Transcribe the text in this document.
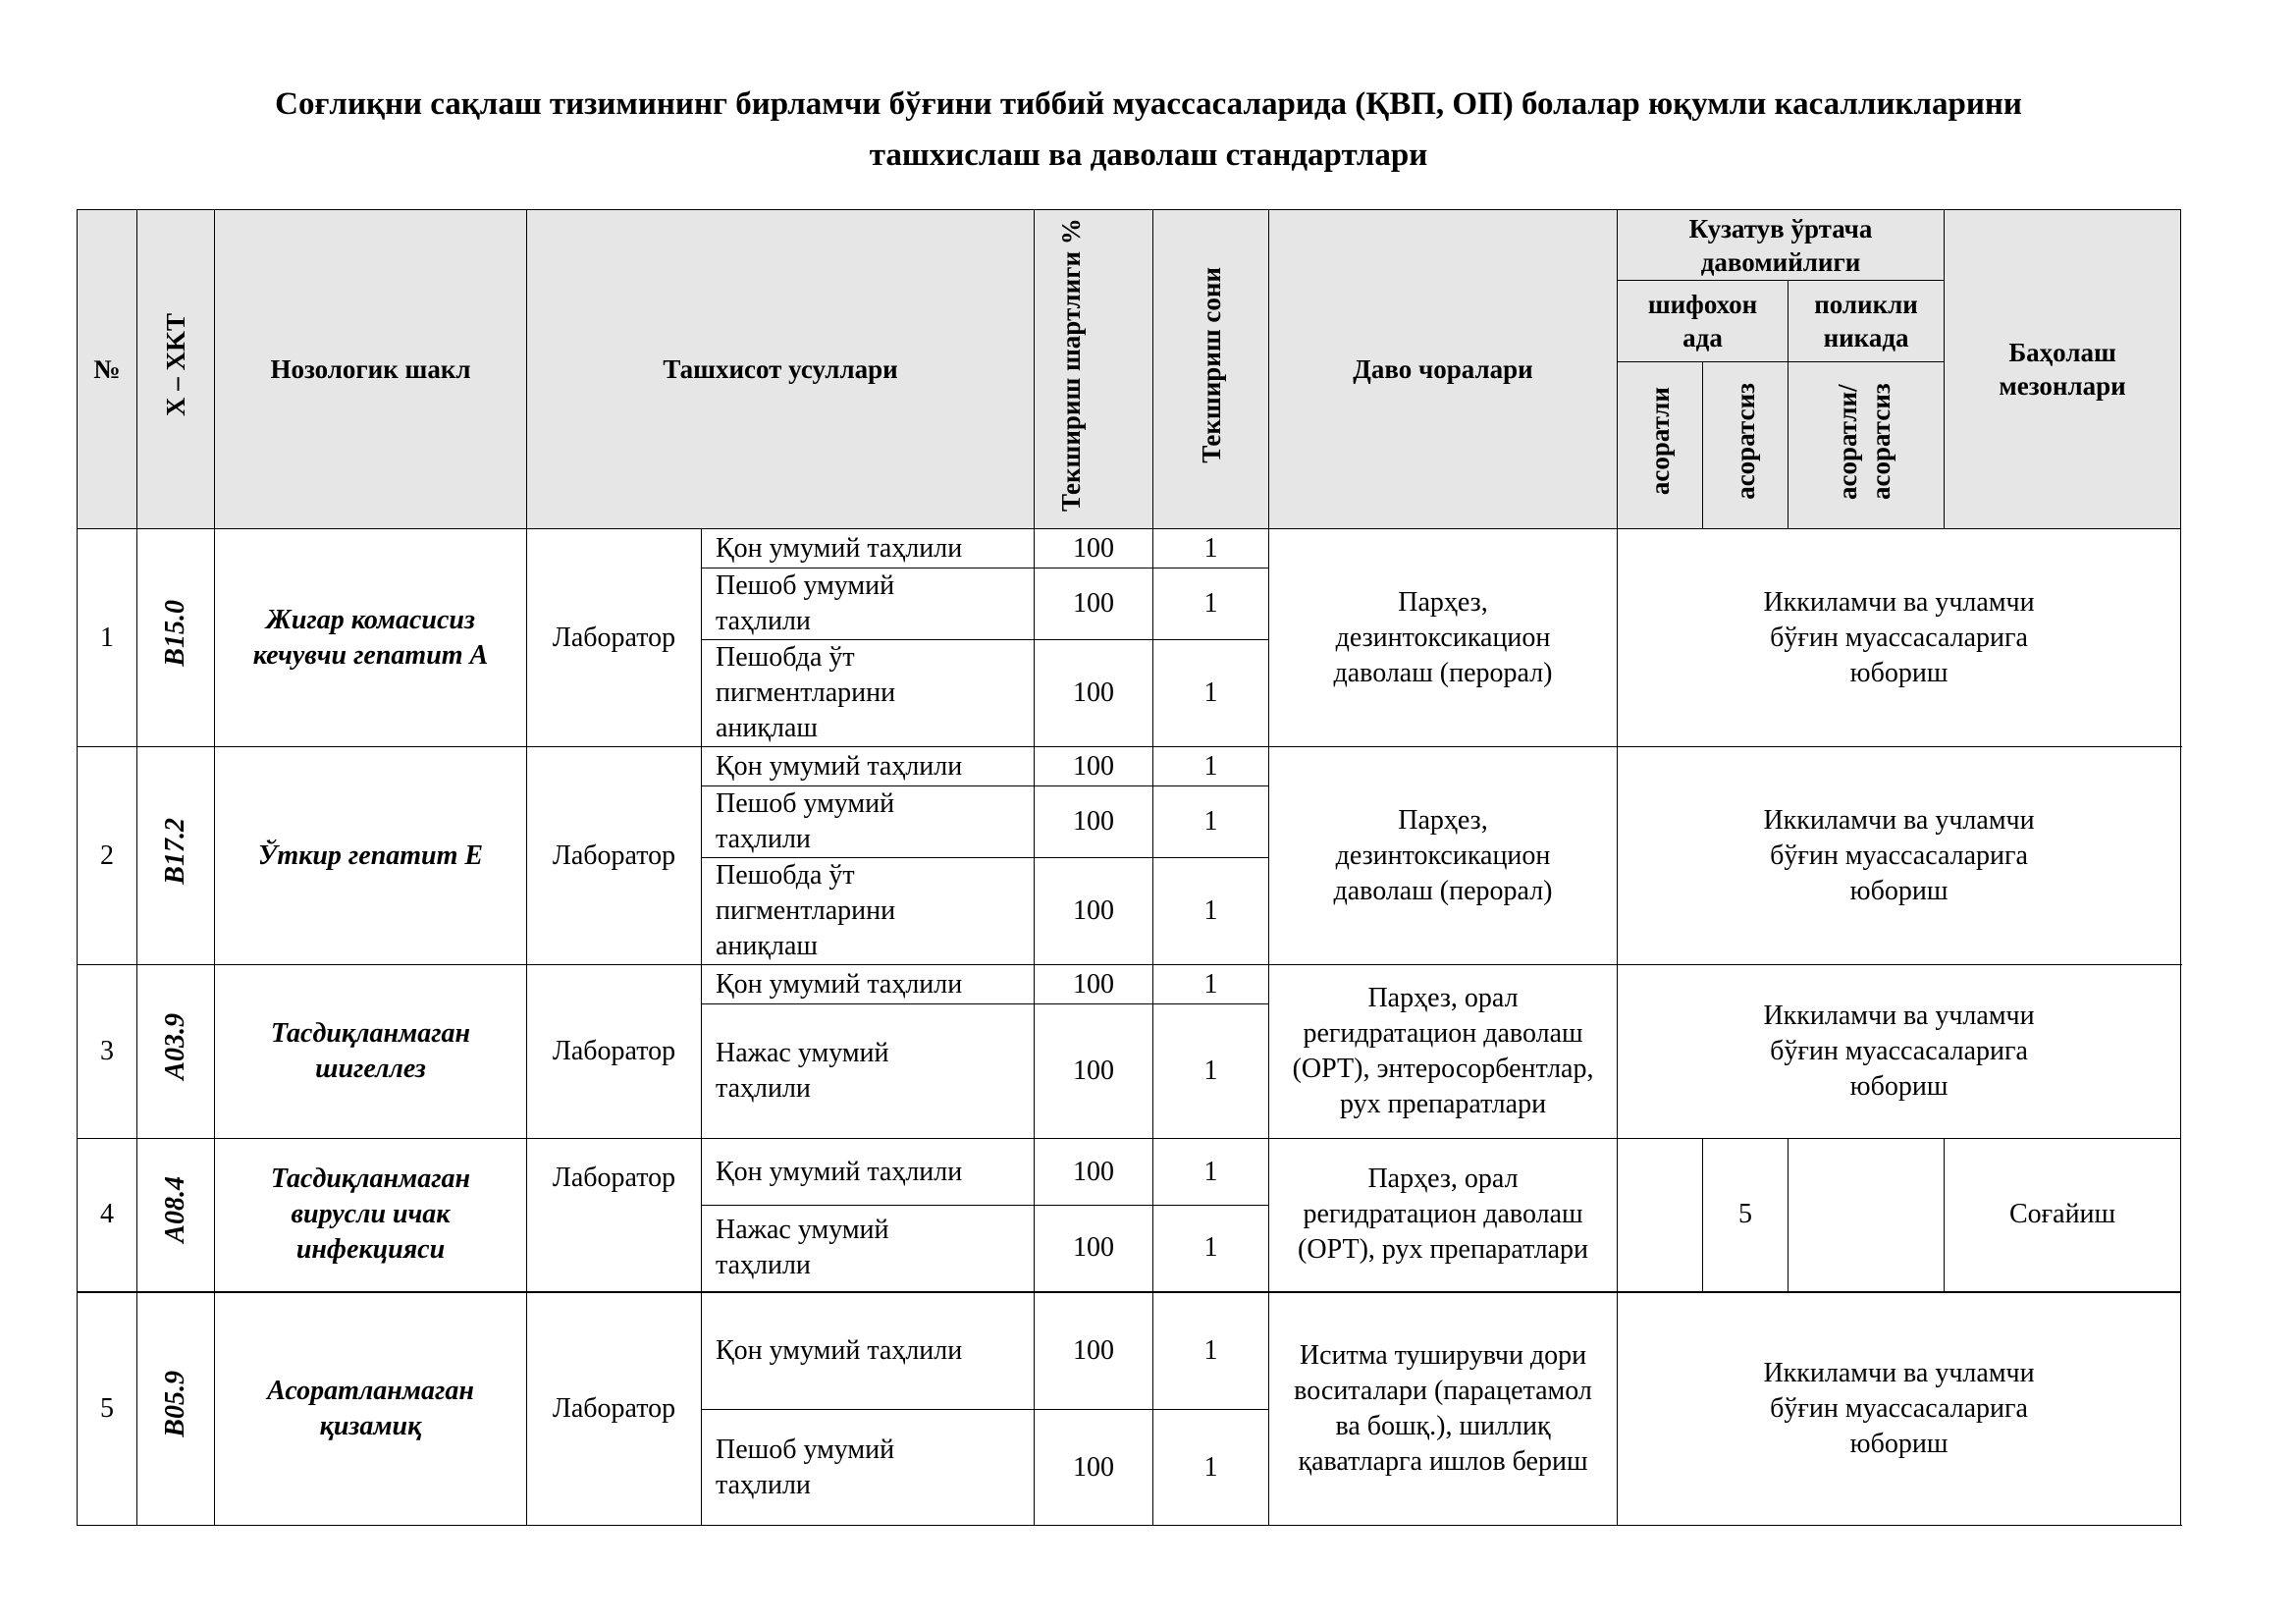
Соғлиқни сақлаш тизимининг бирламчи бўғини тиббий муассасаларида (ҚВП, ОП) болалар юқумли касалликларини
ташхислаш ва даволаш стандартлари
№	X – XKT	Нозологик шакл	Ташхисот усуллари		Текшириш шартлиги %	Текшириш сони	Даво чоралари	Кузатув ўртача давомийлиги			Баҳолаш мезонлари
								шифохон ада		поликли никада	
								асоратли	асоратсиз	асоратли/ асоратсиз	
1	B15.0	Жигар комасисиз кечувчи гепатит А	Лаборатор	Қон умумий таҳлили	100	1	Парҳез, дезинтоксикацион даволаш (перорал)	Иккиламчи ва учламчи бўғин муассасаларига юбориш			
				Пешоб умумий таҳлили	100	1					
				Пешобда ўт пигментларини аниқлаш	100	1					
2	B17.2	Ўткир гепатит Е	Лаборатор	Қон умумий таҳлили	100	1	Парҳез, дезинтоксикацион даволаш (перорал)	Иккиламчи ва учламчи бўғин муассасаларига юбориш			
				Пешоб умумий таҳлили	100	1					
				Пешобда ўт пигментларини аниқлаш	100	1					
3	A03.9	Тасдиқланмаган шигеллез	Лаборатор	Қон умумий таҳлили	100	1	Парҳез, орал регидратацион даволаш (ОРТ), энтеросорбентлар, рух препаратлари	Иккиламчи ва учламчи бўғин муассасаларига юбориш			
				Нажас умумий таҳлили	100	1					
4	A08.4	Тасдиқланмаган вирусли ичак инфекцияси	Лаборатор	Қон умумий таҳлили	100	1	Парҳез, орал регидратацион даволаш (ОРТ), рух препаратлари		5		Соғайиш
				Нажас умумий таҳлили	100	1					
5	B05.9	Асоратланмаган қизамиқ	Лаборатор	Қон умумий таҳлили	100	1	Иситма туширувчи дори воситалари (парацетамол ва бошқ.), шиллиқ қаватларга ишлов бериш	Иккиламчи ва учламчи бўғин муассасаларига юбориш			
				Пешоб умумий таҳлили	100	1					
